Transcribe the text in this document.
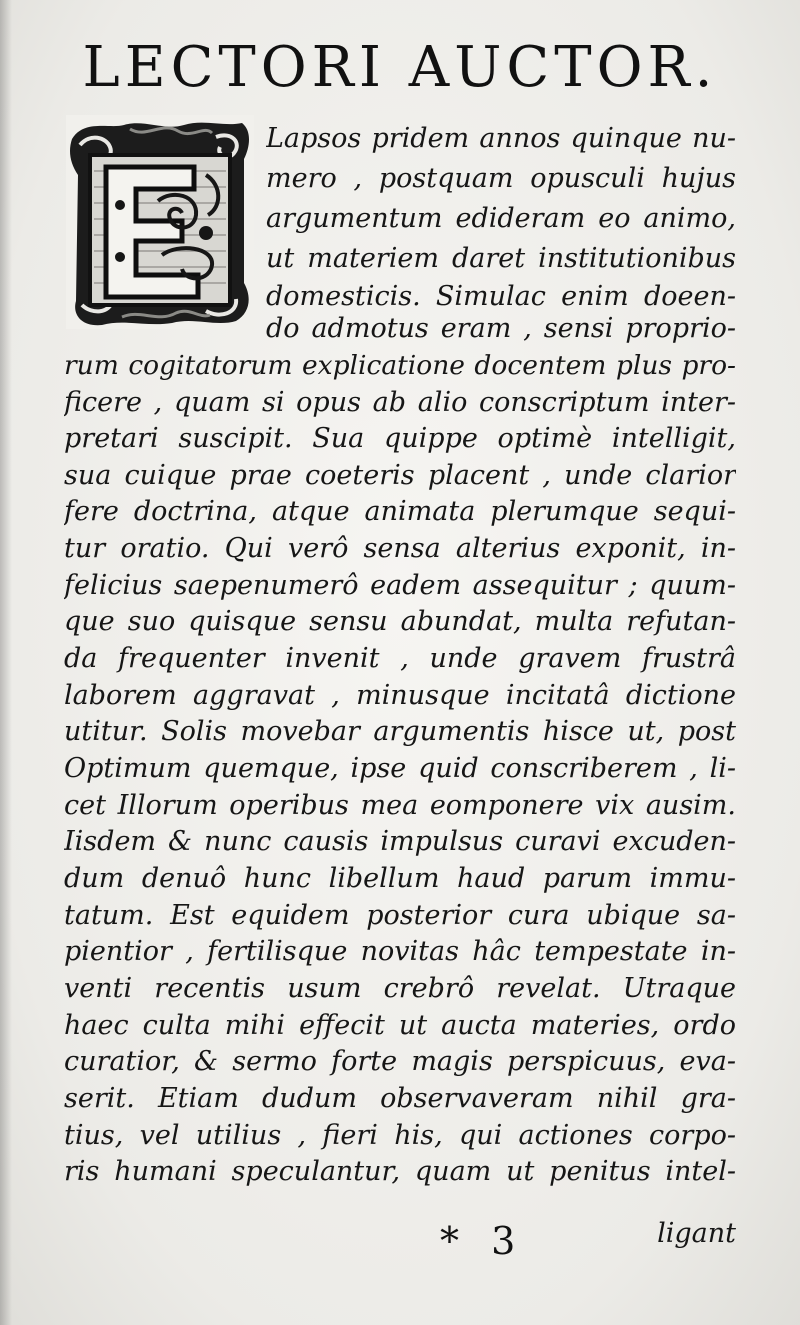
LECTORI AUCTOR.
Lapsos pridem annos quinque nu-
mero , postquam opusculi hujus
argumentum edideram eo animo,
ut materiem daret institutionibus
domesticis. Simulac enim doeen-
do admotus eram , sensi proprio-
rum cogitatorum explicatione docentem plus pro-
ficere , quam si opus ab alio conscriptum inter-
pretari suscipit. Sua quippe optimè intelligit,
sua cuique prae coeteris placent , unde clarior
fere doctrina, atque animata plerumque sequi-
tur oratio. Qui verô sensa alterius exponit, in-
felicius saepenumerô eadem assequitur ; quum-
que suo quisque sensu abundat, multa refutan-
da frequenter invenit , unde gravem frustrâ
laborem aggravat , minusque incitatâ dictione
utitur. Solis movebar argumentis hisce ut, post
Optimum quemque, ipse quid conscriberem , li-
cet Illorum operibus mea eomponere vix ausim.
Iisdem & nunc causis impulsus curavi excuden-
dum denuô hunc libellum haud parum immu-
tatum. Est equidem posterior cura ubique sa-
pientior , fertilisque novitas hâc tempestate in-
venti recentis usum crebrô revelat. Utraque
haec culta mihi effecit ut aucta materies, ordo
curatior, & sermo forte magis perspicuus, eva-
serit. Etiam dudum observaveram nihil gra-
tius, vel utilius , fieri his, qui actiones corpo-
ris humani speculantur, quam ut penitus intel-
* 3	ligant
